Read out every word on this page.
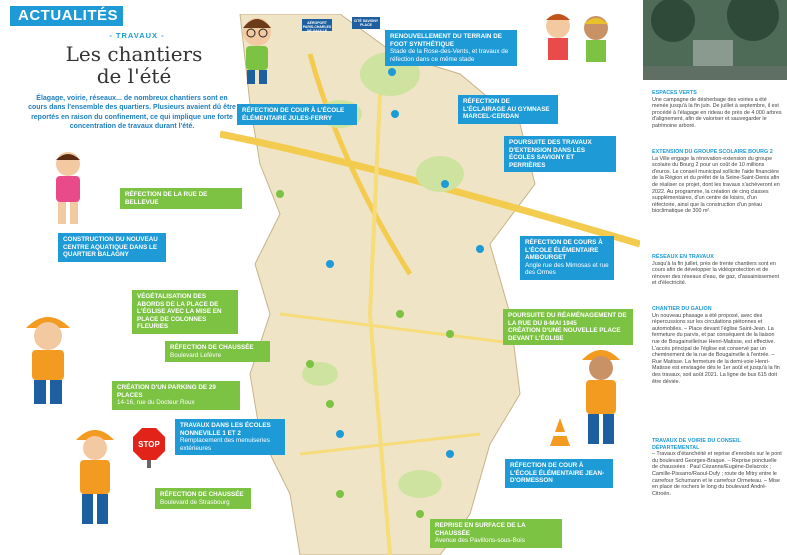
ACTUALITÉS
- TRAVAUX -
Les chantiers
de l'été
Élagage, voirie, réseaux... de nombreux chantiers sont en cours dans l'ensemble des quartiers. Plusieurs avaient dû être reportés en raison du confinement, ce qui implique une forte concentration de travaux durant l'été.
AÉROPORT PARIS-CHARLES DE GAULLE
CITÉ SAVIGNY PLACE
RENOUVELLEMENT DU TERRAIN DE FOOT SYNTHÉTIQUE
Stade de la Rose-des-Vents, et travaux de réfection dans ce même stade
RÉFECTION DE COUR À L'ÉCOLE ÉLÉMENTAIRE JULES-FERRY
RÉFECTION DE L'ÉCLAIRAGE AU GYMNASE MARCEL-CERDAN
POURSUITE DES TRAVAUX D'EXTENSION DANS LES ÉCOLES SAVIGNY ET PERRIÈRES
RÉFECTION DE LA RUE DE BELLEVUE
CONSTRUCTION DU NOUVEAU CENTRE AQUATIQUE DANS LE QUARTIER BALAGNY
RÉFECTION DE COURS À L'ÉCOLE ÉLÉMENTAIRE AMBOURGET
Angle rue des Mimosas et rue des Ormes
VÉGÉTALISATION DES ABORDS DE LA PLACE DE L'ÉGLISE AVEC LA MISE EN PLACE DE COLONNES FLEURIES
POURSUITE DU RÉAMÉNAGEMENT DE LA RUE DU 8-MAI 1945
CRÉATION D'UNE NOUVELLE PLACE DEVANT L'ÉGLISE
RÉFECTION DE CHAUSSÉE
Boulevard Lefèvre
CRÉATION D'UN PARKING DE 29 PLACES
14-16, rue du Docteur Roux
TRAVAUX DANS LES ÉCOLES NONNEVILLE 1 ET 2
Remplacement des menuiseries extérieures
RÉFECTION DE COUR À L'ÉCOLE ÉLÉMENTAIRE JEAN-D'ORMESSON
RÉFECTION DE CHAUSSÉE
Boulevard de Strasbourg
REPRISE EN SURFACE DE LA CHAUSSÉE
Avenue des Pavillons-sous-Bois
STOP
ESPACES VERTS
Une campagne de désherbage des voiries a été menée jusqu'à la fin juin. De juillet à septembre, il est procédé à l'élagage en rideau de près de 4 000 arbres d'alignement, afin de valoriser et sauvegarder le patrimoine arboré.
EXTENSION DU GROUPE SCOLAIRE BOURG 2
La Ville engage la rénovation-extension du groupe scolaire du Bourg 2 pour un coût de 10 millions d'euros. Le conseil municipal sollicite l'aide financière de la Région et du préfet de la Seine-Saint-Denis afin de réaliser ce projet, dont les travaux s'achèveront en 2022. Au programme, la création de cinq classes supplémentaires, d'un centre de loisirs, d'un réfectoire, ainsi que la construction d'un préau bioclimatique de 300 m².
RÉSEAUX EN TRAVAUX
Jusqu'à la fin juillet, près de trente chantiers sont en cours afin de développer la vidéoprotection et de rénover des réseaux d'eau, de gaz, d'assainissement et d'électricité.
CHANTIER DU GALION
Un nouveau phasage a été proposé, avec des répercussions sur les circulations piétonnes et automobiles. – Place devant l'église Saint-Jean. La fermeture du parvis, et par conséquent de la liaison rue de Bougainville/rue Henri-Matisse, est effective. L'accès principal de l'église est conservé par un cheminement de la rue de Bougainville à l'entrée. – Rue Matisse. La fermeture de la demi-voie Henri-Matisse est envisagée dès le 1er août et jusqu'à la fin des travaux, soit août 2021. La ligne de bus 615 doit être déviée.
TRAVAUX DE VOIRIE DU CONSEIL DÉPARTEMENTAL
– Travaux d'étanchéité et reprise d'enrobés sur le pont du boulevard Georges-Braque. – Reprise ponctuelle de chaussées : Paul Cézanne/Eugène-Delacroix ; Camille-Pissarro/Raoul-Dufy ; route de Mitry entre le carrefour Schumann et le carrefour Ormeteau. – Mise en place de rochers le long du boulevard André-Citroën.
